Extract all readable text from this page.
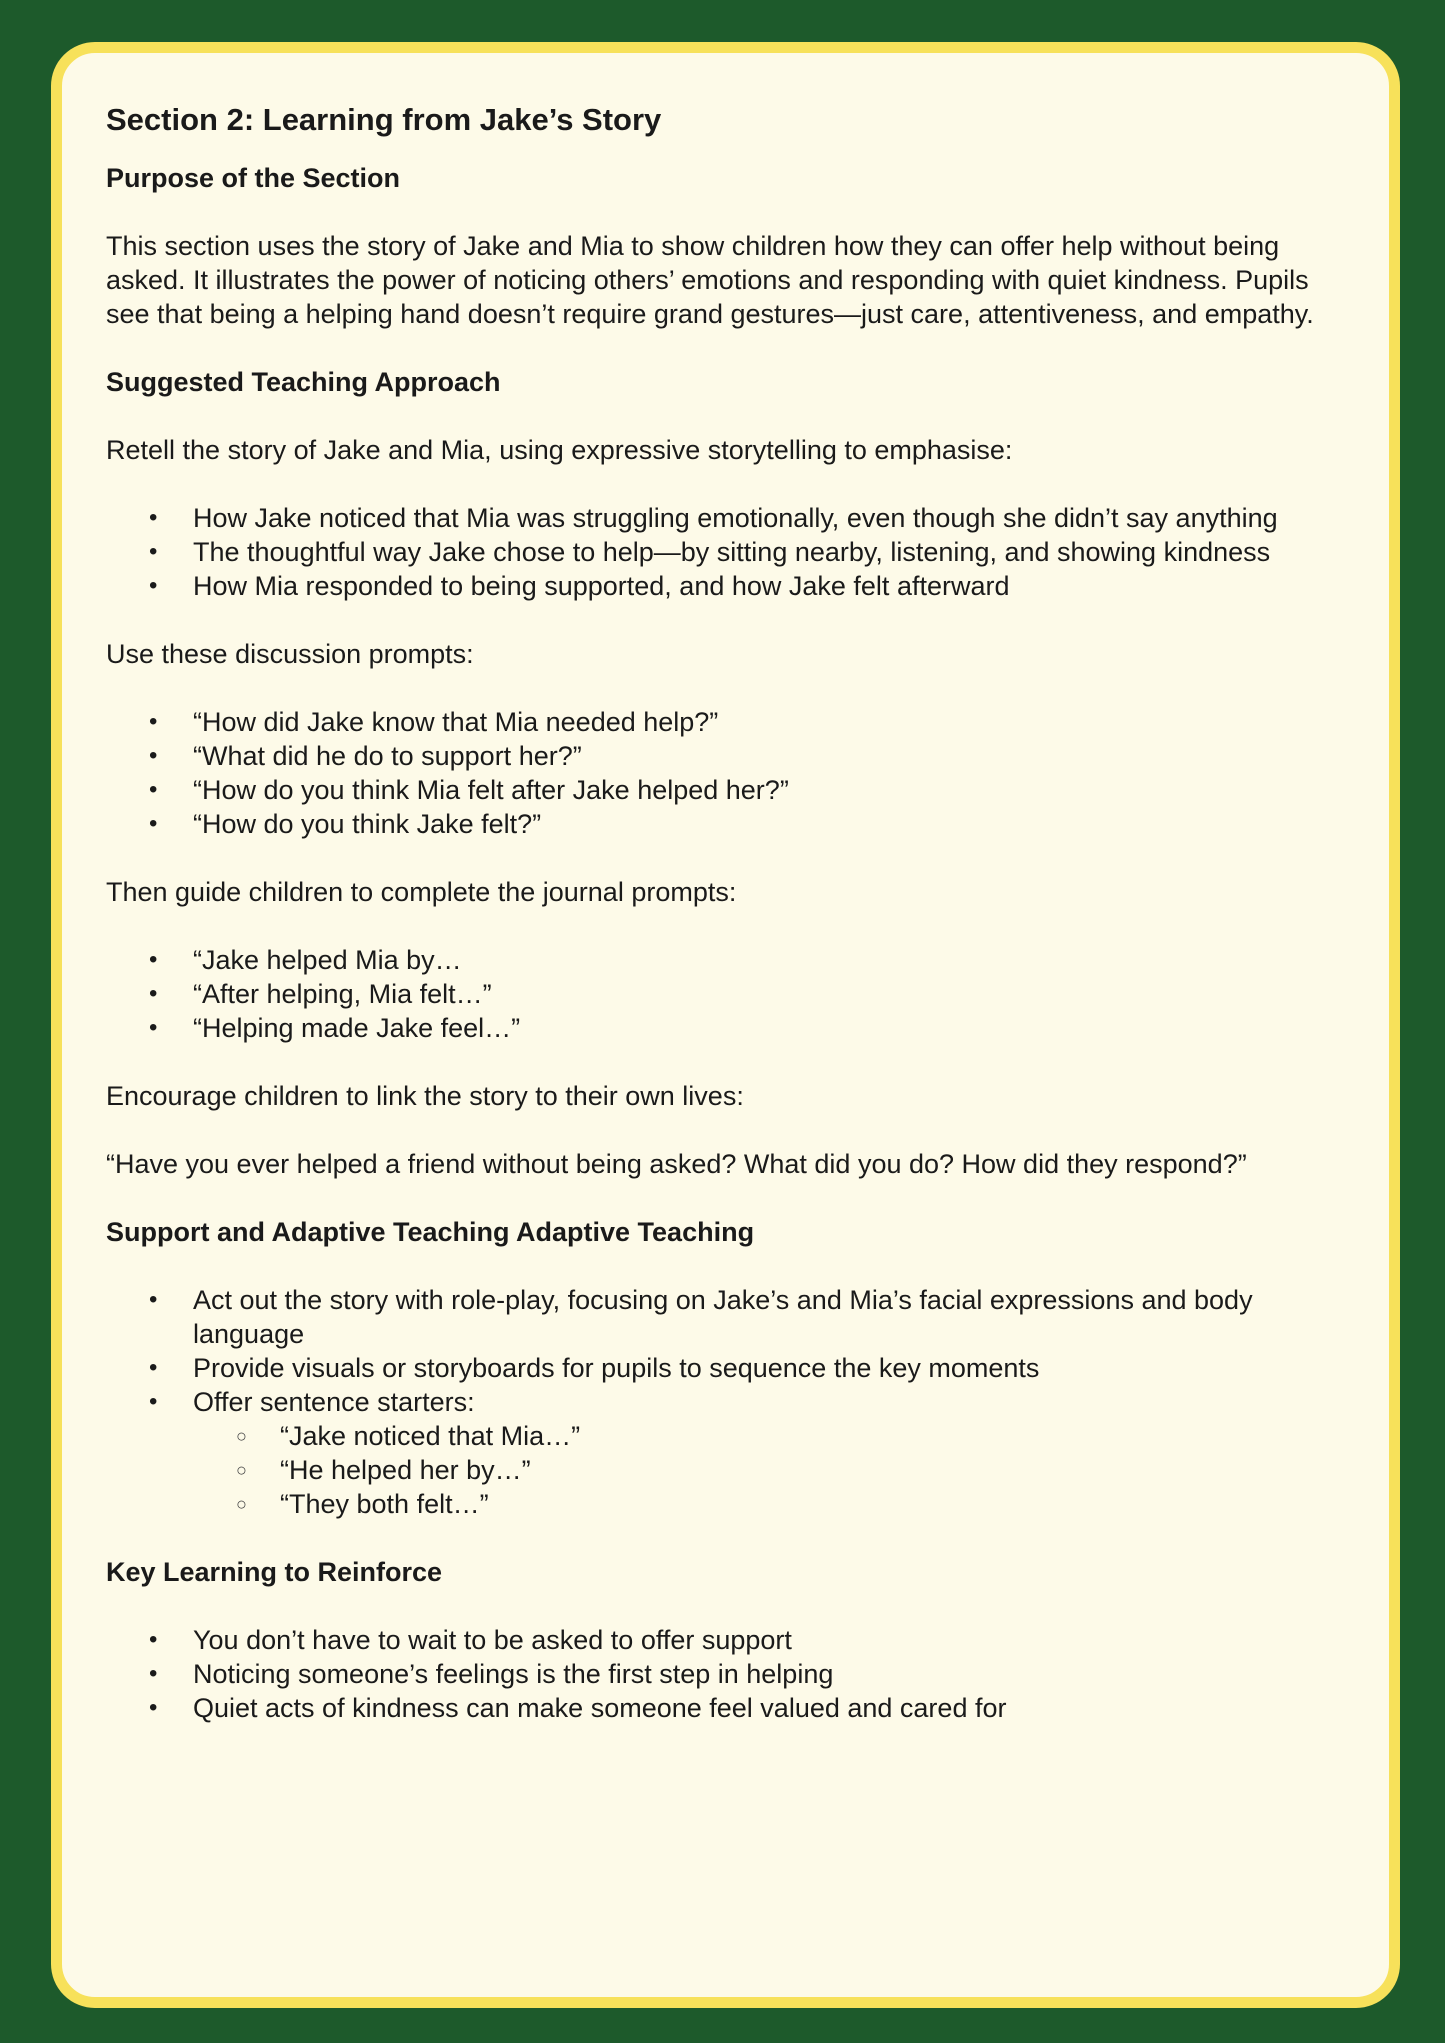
Section 2: Learning from Jake’s Story
Purpose of the Section

This section uses the story of Jake and Mia to show children how they can offer help without being asked. It illustrates the power of noticing others’ emotions and responding with quiet kindness. Pupils see that being a helping hand doesn’t require grand gestures—just care, attentiveness, and empathy.

Suggested Teaching Approach

Retell the story of Jake and Mia, using expressive storytelling to emphasise:

• How Jake noticed that Mia was struggling emotionally, even though she didn’t say anything
• The thoughtful way Jake chose to help—by sitting nearby, listening, and showing kindness
• How Mia responded to being supported, and how Jake felt afterward

Use these discussion prompts:

• “How did Jake know that Mia needed help?”
• “What did he do to support her?”
• “How do you think Mia felt after Jake helped her?”
• “How do you think Jake felt?”

Then guide children to complete the journal prompts:

• “Jake helped Mia by…
• “After helping, Mia felt…”
• “Helping made Jake feel…”

Encourage children to link the story to their own lives:

“Have you ever helped a friend without being asked? What did you do? How did they respond?”

Support and Adaptive Teaching Adaptive Teaching
• Act out the story with role-play, focusing on Jake’s and Mia’s facial expressions and body language
• Provide visuals or storyboards for pupils to sequence the key moments
• Offer sentence starters:
○ “Jake noticed that Mia…”
○ “He helped her by…”
○ “They both felt…”
Key Learning to Reinforce
• You don’t have to wait to be asked to offer support
• Noticing someone’s feelings is the first step in helping
• Quiet acts of kindness can make someone feel valued and cared for
